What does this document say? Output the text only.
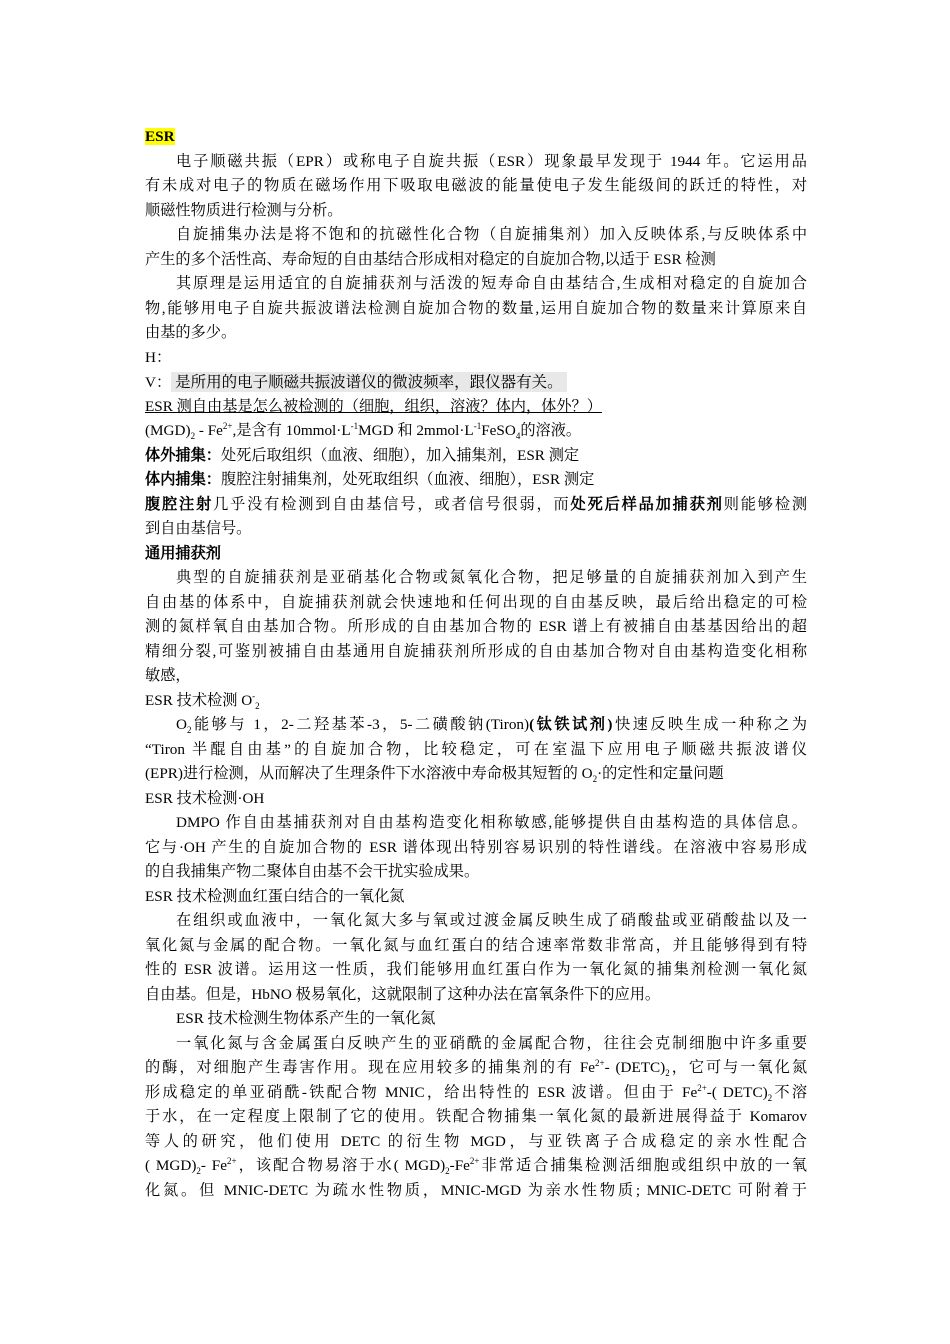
ESR
电子顺磁共振（EPR）或称电子自旋共振（ESR）现象最早发现于 1944 年。它运用品
有未成对电子的物质在磁场作用下吸取电磁波的能量使电子发生能级间的跃迁的特性，对
顺磁性物质进行检测与分析。
自旋捕集办法是将不饱和的抗磁性化合物（自旋捕集剂）加入反映体系,与反映体系中
产生的多个活性高、寿命短的自由基结合形成相对稳定的自旋加合物,以适于 ESR 检测
其原理是运用适宜的自旋捕获剂与活泼的短寿命自由基结合,生成相对稳定的自旋加合
物,能够用电子自旋共振波谱法检测自旋加合物的数量,运用自旋加合物的数量来计算原来自
由基的多少。
H：
V： 是所用的电子顺磁共振波谱仪的微波频率，跟仪器有关。
ESR 测自由基是怎么被检测的（细胞，组织，溶液？体内，体外？）
$(MGD)_2 - Fe^{2+}$,是含有 $10mmol\cdot L^{-1}MGD$ 和 $2mmol\cdot L^{-1}FeSO_4$的溶液。
体外捕集：处死后取组织（血液、细胞），加入捕集剂，ESR 测定
体内捕集：腹腔注射捕集剂，处死取组织（血液、细胞），ESR 测定
腹腔注射几乎没有检测到自由基信号，或者信号很弱，而处死后样品加捕获剂则能够检测
到自由基信号。
通用捕获剂
典型的自旋捕获剂是亚硝基化合物或氮氧化合物，把足够量的自旋捕获剂加入到产生
自由基的体系中，自旋捕获剂就会快速地和任何出现的自由基反映，最后给出稳定的可检
测的氮样氧自由基加合物。所形成的自由基加合物的 ESR 谱上有被捕自由基基因给出的超
精细分裂,可鉴别被捕自由基通用自旋捕获剂所形成的自由基加合物对自由基构造变化相称
敏感，
ESR 技术检测 $O^-_2$
$O_2$能够与 1，2-二羟基苯-3，5-二磺酸钠(Tiron)(钛铁试剂)快速反映生成一种称之为
“Tiron 半醌自由基”的自旋加合物，比较稳定，可在室温下应用电子顺磁共振波谱仪
(EPR)进行检测，从而解决了生理条件下水溶液中寿命极其短暂的 $O_2\cdot$的定性和定量问题
ESR 技术检测·OH
DMPO 作自由基捕获剂对自由基构造变化相称敏感,能够提供自由基构造的具体信息。
它与·OH 产生的自旋加合物的 ESR 谱体现出特别容易识别的特性谱线。在溶液中容易形成
的自我捕集产物二聚体自由基不会干扰实验成果。
ESR 技术检测血红蛋白结合的一氧化氮
在组织或血液中，一氧化氮大多与氧或过渡金属反映生成了硝酸盐或亚硝酸盐以及一
氧化氮与金属的配合物。一氧化氮与血红蛋白的结合速率常数非常高，并且能够得到有特
性的 ESR 波谱。运用这一性质，我们能够用血红蛋白作为一氧化氮的捕集剂检测一氧化氮
自由基。但是，HbNO 极易氧化，这就限制了这种办法在富氧条件下的应用。
ESR 技术检测生物体系产生的一氧化氮
一氧化氮与含金属蛋白反映产生的亚硝酰的金属配合物，往往会克制细胞中许多重要
的酶，对细胞产生毒害作用。现在应用较多的捕集剂的有 $Fe^{2+}-$ $(DETC)_2$，它可与一氧化氮
形成稳定的单亚硝酰-铁配合物 MNIC，给出特性的 ESR 波谱。但由于 $Fe^{2+}-$( $DETC)_2$不溶
于水，在一定程度上限制了它的使用。铁配合物捕集一氧化氮的最新进展得益于 Komarov
等人的研究，他们使用 DETC 的衍生物 MGD，与亚铁离子合成稳定的亲水性配合
( $MGD)_2-$ $Fe^{2+}$，该配合物易溶于水( $MGD)_2-Fe^{2+}$非常适合捕集检测活细胞或组织中放的一氧
化氮。但 MNIC-DETC 为疏水性物质，MNIC-MGD 为亲水性物质; MNIC-DETC 可附着于
